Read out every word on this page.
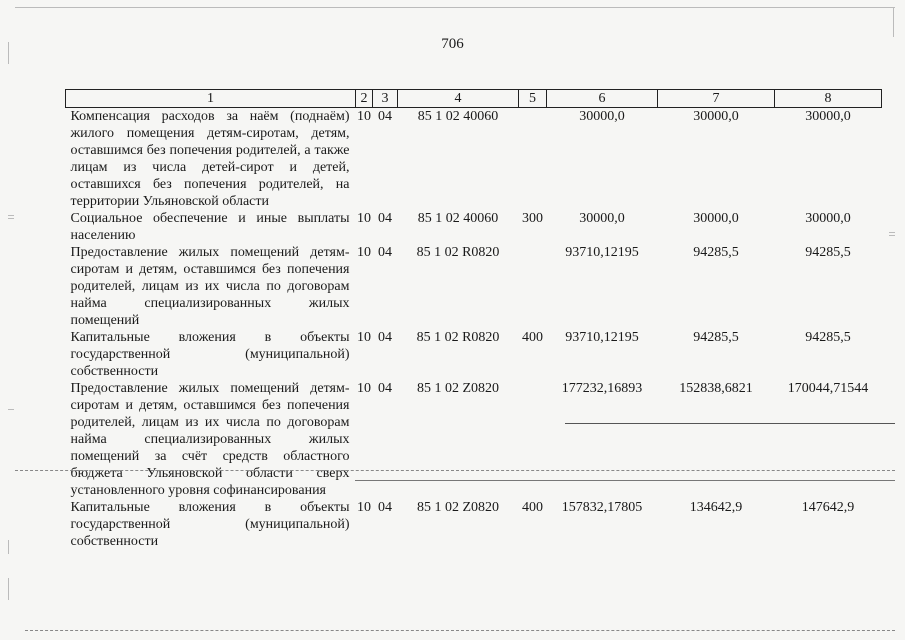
706
1	2	3	4	5	6	7	8
Компенсация расходов за наём (поднаём) жилого помещения детям-сиротам, детям, оставшимся без попечения родителей, а также лицам из числа детей-сирот и детей, оставшихся без попечения родителей, на территории Ульяновской области	10	04	85 1 02 40060		30000,0	30000,0	30000,0
Социальное обеспечение и иные выплаты населению	10	04	85 1 02 40060	300	30000,0	30000,0	30000,0
Предоставление жилых помещений детям-сиротам и детям, оставшимся без попечения родителей, лицам из их числа по договорам найма специализированных жилых помещений	10	04	85 1 02 R0820		93710,12195	94285,5	94285,5
Капитальные вложения в объекты государственной (муниципальной) собственности	10	04	85 1 02 R0820	400	93710,12195	94285,5	94285,5
Предоставление жилых помещений детям-сиротам и детям, оставшимся без попечения родителей, лицам из их числа по договорам найма специализированных жилых помещений за счёт средств областного бюджета Ульяновской области сверх установленного уровня софинансирования	10	04	85 1 02 Z0820		177232,16893	152838,6821	170044,71544
Капитальные вложения в объекты государственной (муниципальной) собственности	10	04	85 1 02 Z0820	400	157832,17805	134642,9	147642,9
